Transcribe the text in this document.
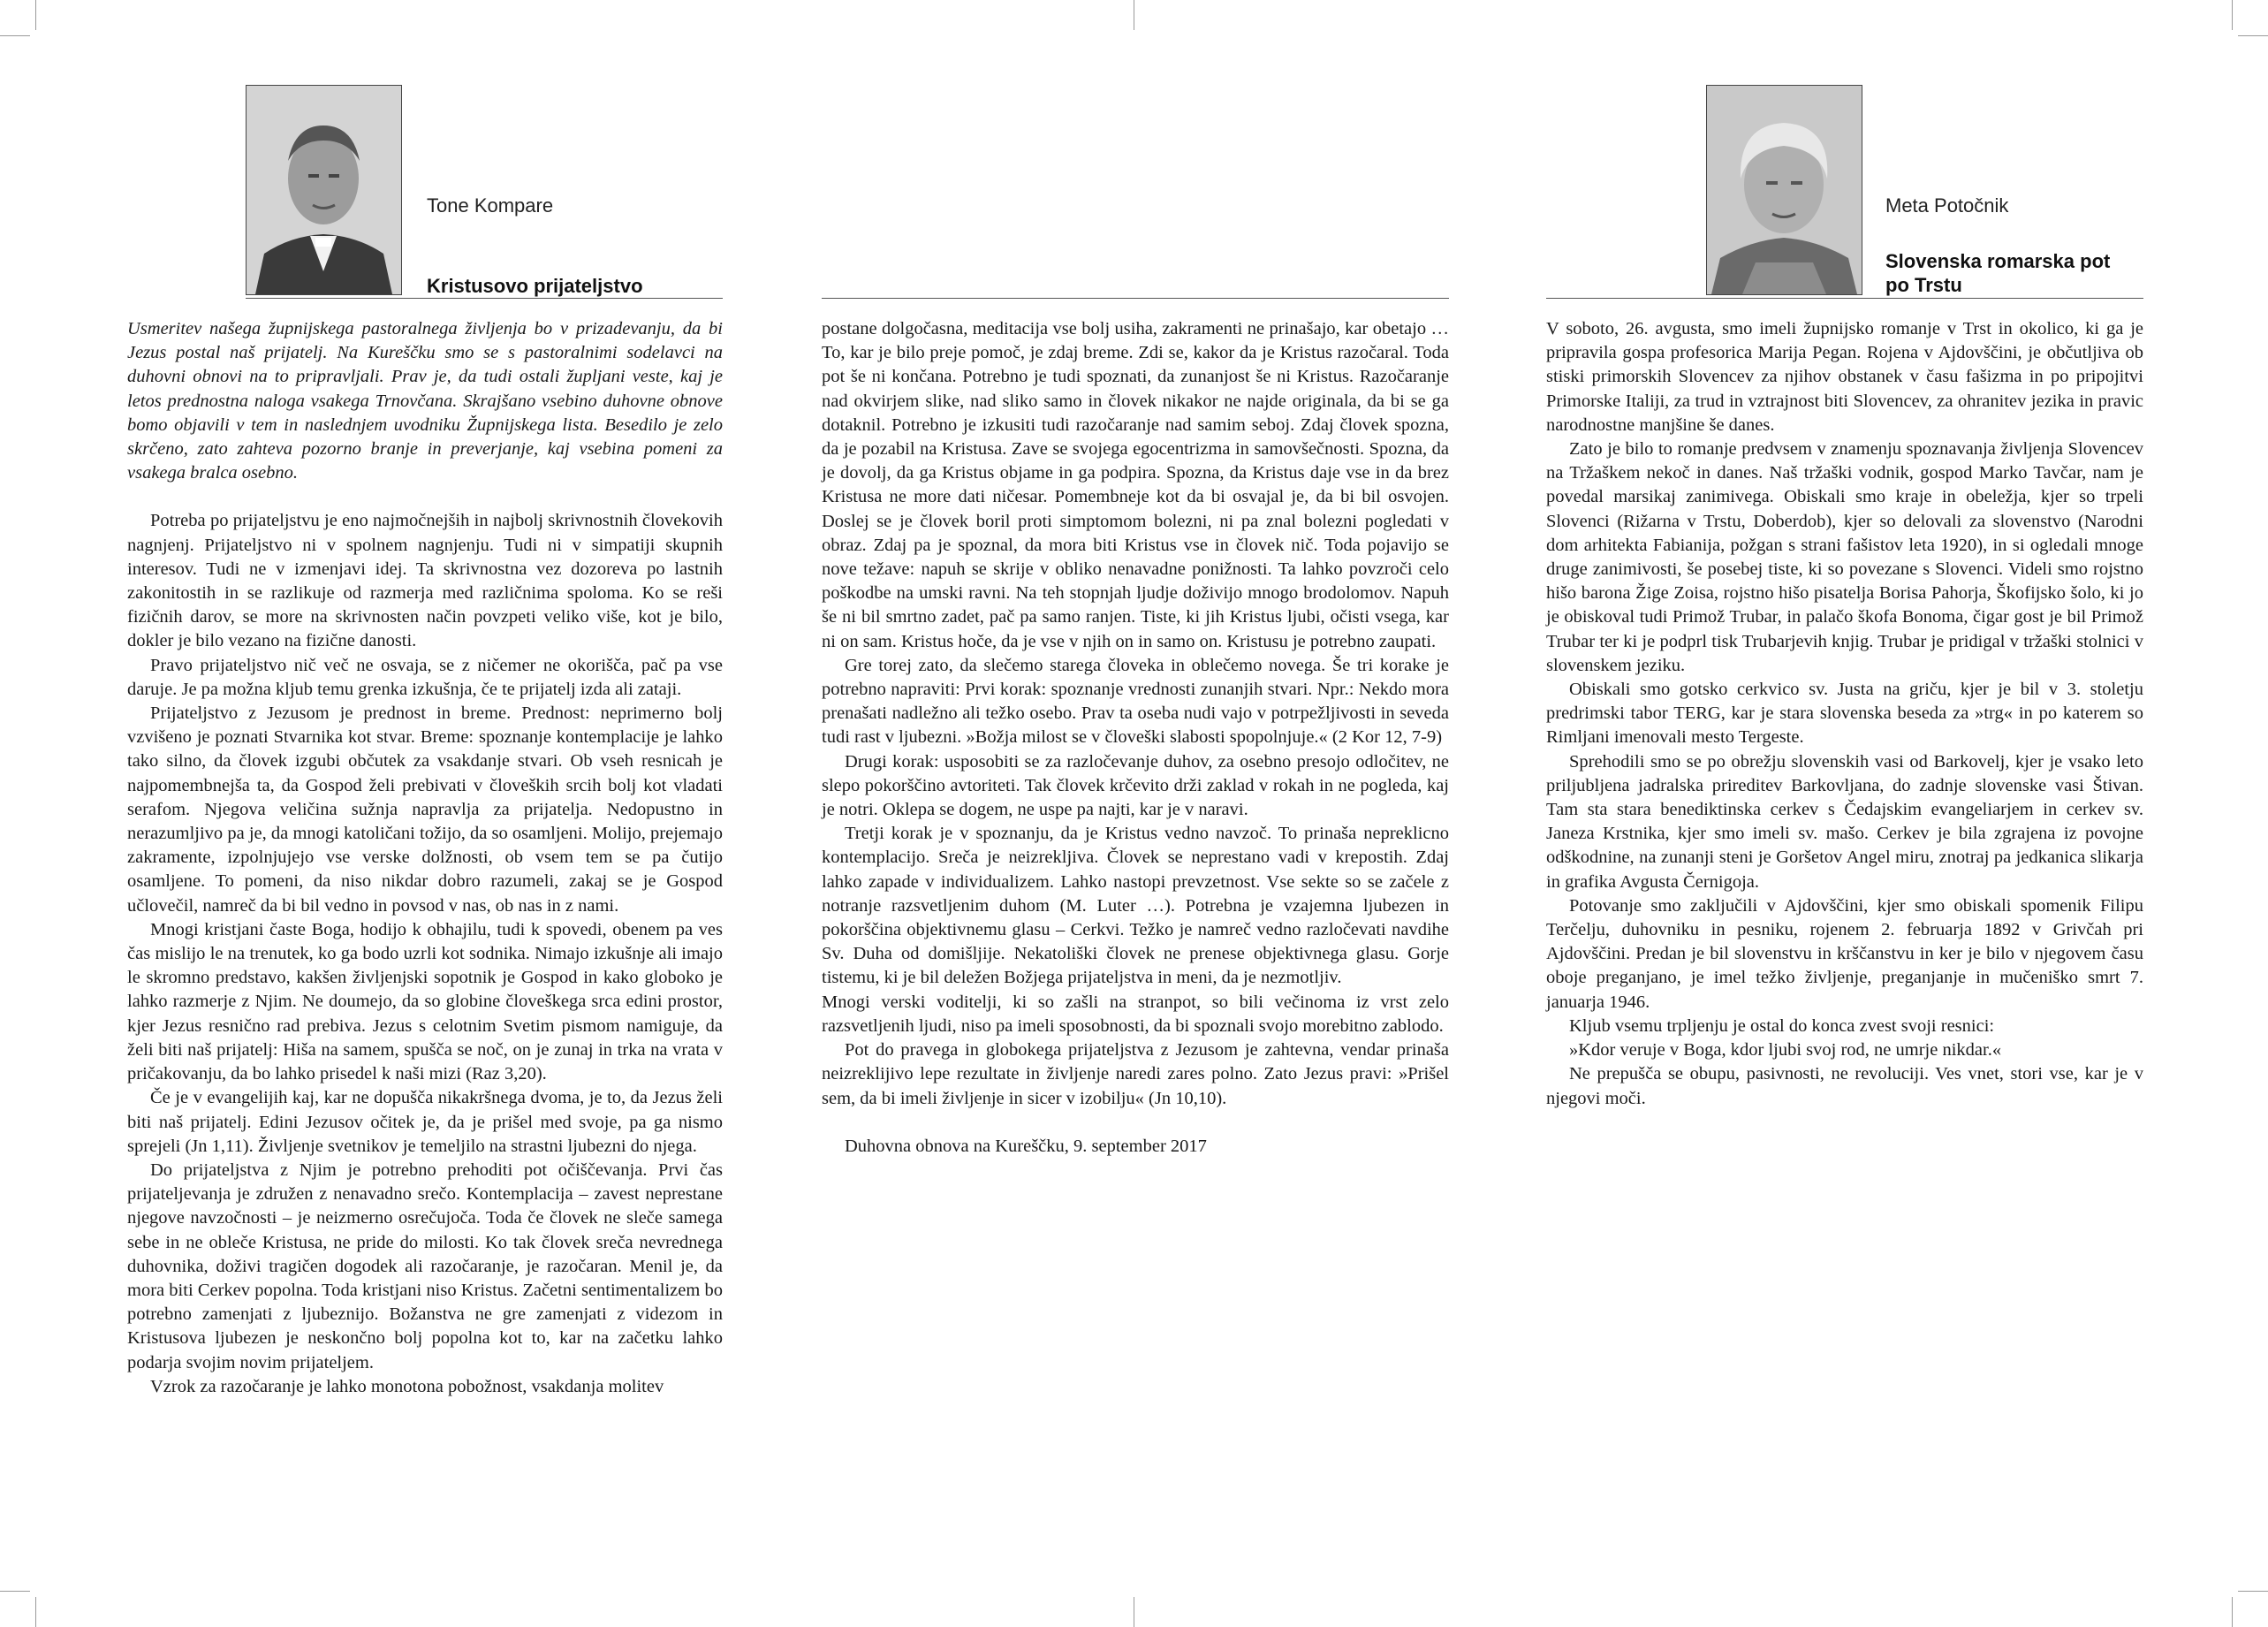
Tone Kompare
Kristusovo prijateljstvo

Usmeritev našega župnijskega pastoralnega življenja bo v prizadevanju, da bi Jezus postal naš prijatelj. Na Kureščku smo se s pastoralnimi sodelavci na duhovni obnovi na to pripravljali. Prav je, da tudi ostali župljani veste, kaj je letos prednostna naloga vsakega Trnovčana. Skrajšano vsebino duhovne obnove bomo objavili v tem in naslednjem uvodniku Župnijskega lista. Besedilo je zelo skrčeno, zato zahteva pozorno branje in preverjanje, kaj vsebina pomeni za vsakega bralca osebno.

Potreba po prijateljstvu je eno najmočnejših in najbolj skrivnostnih človekovih nagnjenj. Prijateljstvo ni v spolnem nagnjenju. Tudi ni v simpatiji skupnih interesov. Tudi ne v izmenjavi idej. Ta skrivnostna vez dozoreva po lastnih zakonitostih in se razlikuje od razmerja med različnima spoloma. Ko se reši fizičnih darov, se more na skrivnosten način povzpeti veliko više, kot je bilo, dokler je bilo vezano na fizične danosti.

Pravo prijateljstvo nič več ne osvaja, se z ničemer ne okorišča, pač pa vse daruje. Je pa možna kljub temu grenka izkušnja, če te prijatelj izda ali zataji.

Prijateljstvo z Jezusom je prednost in breme. Prednost: neprimerno bolj vzvišeno je poznati Stvarnika kot stvar. Breme: spoznanje kontemplacije je lahko tako silno, da človek izgubi občutek za vsakdanje stvari. Ob vseh resnicah je najpomembnejša ta, da Gospod želi prebivati v človeških srcih bolj kot vladati serafom. Njegova veličina sužnja napravlja za prijatelja. Nedopustno in nerazumljivo pa je, da mnogi katoličani tožijo, da so osamljeni. Molijo, prejemajo zakramente, izpolnjujejo vse verske dolžnosti, ob vsem tem se pa čutijo osamljene. To pomeni, da niso nikdar dobro razumeli, zakaj se je Gospod učlovečil, namreč da bi bil vedno in povsod v nas, ob nas in z nami.

Mnogi kristjani časte Boga, hodijo k obhajilu, tudi k spovedi, obenem pa ves čas mislijo le na trenutek, ko ga bodo uzrli kot sodnika. Nimajo izkušnje ali imajo le skromno predstavo, kakšen življenjski sopotnik je Gospod in kako globoko je lahko razmerje z Njim. Ne doumejo, da so globine človeškega srca edini prostor, kjer Jezus resnično rad prebiva. Jezus s celotnim Svetim pismom namiguje, da želi biti naš prijatelj: Hiša na samem, spušča se noč, on je zunaj in trka na vrata v pričakovanju, da bo lahko prisedel k naši mizi (Raz 3,20).

Če je v evangelijih kaj, kar ne dopušča nikakršnega dvoma, je to, da Jezus želi biti naš prijatelj. Edini Jezusov očitek je, da je prišel med svoje, pa ga nismo sprejeli (Jn 1,11). Življenje svetnikov je temeljilo na strastni ljubezni do njega.

Do prijateljstva z Njim je potrebno prehoditi pot očiščevanja. Prvi čas prijateljevanja je združen z nenavadno srečo. Kontemplacija – zavest neprestane njegove navzočnosti – je neizmerno osrečujoča. Toda če človek ne sleče samega sebe in ne obleče Kristusa, ne pride do milosti. Ko tak človek sreča nevrednega duhovnika, doživi tragičen dogodek ali razočaranje, je razočaran. Menil je, da mora biti Cerkev popolna. Toda kristjani niso Kristus. Začetni sentimentalizem bo potrebno zamenjati z ljubeznijo. Božanstva ne gre zamenjati z videzom in Kristusova ljubezen je neskončno bolj popolna kot to, kar na začetku lahko podarja svojim novim prijateljem.

Vzrok za razočaranje je lahko monotona pobožnost, vsakdanja molitev

postane dolgočasna, meditacija vse bolj usiha, zakramenti ne prinašajo, kar obetajo … To, kar je bilo preje pomoč, je zdaj breme. Zdi se, kakor da je Kristus razočaral. Toda pot še ni končana. Potrebno je tudi spoznati, da zunanjost še ni Kristus. Razočaranje nad okvirjem slike, nad sliko samo in človek nikakor ne najde originala, da bi se ga dotaknil. Potrebno je izkusiti tudi razočaranje nad samim seboj. Zdaj človek spozna, da je pozabil na Kristusa. Zave se svojega egocentrizma in samovšečnosti. Spozna, da je dovolj, da ga Kristus objame in ga podpira. Spozna, da Kristus daje vse in da brez Kristusa ne more dati ničesar. Pomembneje kot da bi osvajal je, da bi bil osvojen. Doslej se je človek boril proti simptomom bolezni, ni pa znal bolezni pogledati v obraz. Zdaj pa je spoznal, da mora biti Kristus vse in človek nič. Toda pojavijo se nove težave: napuh se skrije v obliko nenavadne ponižnosti. Ta lahko povzroči celo poškodbe na umski ravni. Na teh stopnjah ljudje doživijo mnogo brodolomov. Napuh še ni bil smrtno zadet, pač pa samo ranjen. Tiste, ki jih Kristus ljubi, očisti vsega, kar ni on sam. Kristus hoče, da je vse v njih on in samo on. Kristusu je potrebno zaupati.

Gre torej zato, da slečemo starega človeka in oblečemo novega. Še tri korake je potrebno napraviti: Prvi korak: spoznanje vrednosti zunanjih stvari. Npr.: Nekdo mora prenašati nadležno ali težko osebo. Prav ta oseba nudi vajo v potrpežljivosti in seveda tudi rast v ljubezni. »Božja milost se v človeški slabosti spopolnjuje.« (2 Kor 12, 7-9)

Drugi korak: usposobiti se za razločevanje duhov, za osebno presojo odločitev, ne slepo pokorščino avtoriteti. Tak človek krčevito drži zaklad v rokah in ne pogleda, kaj je notri. Oklepa se dogem, ne uspe pa najti, kar je v naravi.

Tretji korak je v spoznanju, da je Kristus vedno navzoč. To prinaša nepreklicno kontemplacijo. Sreča je neizrekljiva. Človek se neprestano vadi v krepostih. Zdaj lahko zapade v individualizem. Lahko nastopi prevzetnost. Vse sekte so se začele z notranje razsvetljenim duhom (M. Luter …). Potrebna je vzajemna ljubezen in pokorščina objektivnemu glasu – Cerkvi. Težko je namreč vedno razločevati navdihe Sv. Duha od domišljije. Nekatoliški človek ne prenese objektivnega glasu. Gorje tistemu, ki je bil deležen Božjega prijateljstva in meni, da je nezmotljiv.

Mnogi verski voditelji, ki so zašli na stranpot, so bili večinoma iz vrst zelo razsvetljenih ljudi, niso pa imeli sposobnosti, da bi spoznali svojo morebitno zablodo.

Pot do pravega in globokega prijateljstva z Jezusom je zahtevna, vendar prinaša neizreklijivo lepe rezultate in življenje naredi zares polno. Zato Jezus pravi: »Prišel sem, da bi imeli življenje in sicer v izobilju« (Jn 10,10).

Duhovna obnova na Kureščku, 9. september 2017

Meta Potočnik
Slovenska romarska pot
po Trstu

V soboto, 26. avgusta, smo imeli župnijsko romanje v Trst in okolico, ki ga je pripravila gospa profesorica Marija Pegan. Rojena v Ajdovščini, je občutljiva ob stiski primorskih Slovencev za njihov obstanek v času fašizma in po pripojitvi Primorske Italiji, za trud in vztrajnost biti Slovencev, za ohranitev jezika in pravic narodnostne manjšine še danes.

Zato je bilo to romanje predvsem v znamenju spoznavanja življenja Slovencev na Tržaškem nekoč in danes. Naš tržaški vodnik, gospod Marko Tavčar, nam je povedal marsikaj zanimivega. Obiskali smo kraje in obeležja, kjer so trpeli Slovenci (Rižarna v Trstu, Doberdob), kjer so delovali za slovenstvo (Narodni dom arhitekta Fabianija, požgan s strani fašistov leta 1920), in si ogledali mnoge druge zanimivosti, še posebej tiste, ki so povezane s Slovenci. Videli smo rojstno hišo barona Žige Zoisa, rojstno hišo pisatelja Borisa Pahorja, Škofijsko šolo, ki jo je obiskoval tudi Primož Trubar, in palačo škofa Bonoma, čigar gost je bil Primož Trubar ter ki je podprl tisk Trubarjevih knjig. Trubar je pridigal v tržaški stolnici v slovenskem jeziku.

Obiskali smo gotsko cerkvico sv. Justa na griču, kjer je bil v 3. stoletju predrimski tabor TERG, kar je stara slovenska beseda za »trg« in po katerem so Rimljani imenovali mesto Tergeste.

Sprehodili smo se po obrežju slovenskih vasi od Barkovelj, kjer je vsako leto priljubljena jadralska prireditev Barkovljana, do zadnje slovenske vasi Štivan. Tam sta stara benediktinska cerkev s Čedajskim evangeliarjem in cerkev sv. Janeza Krstnika, kjer smo imeli sv. mašo. Cerkev je bila zgrajena iz povojne odškodnine, na zunanji steni je Goršetov Angel miru, znotraj pa jedkanica slikarja in grafika Avgusta Černigoja.

Potovanje smo zaključili v Ajdovščini, kjer smo obiskali spomenik Filipu Terčelju, duhovniku in pesniku, rojenem 2. februarja 1892 v Grivčah pri Ajdovščini. Predan je bil slovenstvu in krščanstvu in ker je bilo v njegovem času oboje preganjano, je imel težko življenje, preganjanje in mučeniško smrt 7. januarja 1946.

Kljub vsemu trpljenju je ostal do konca zvest svoji resnici:

»Kdor veruje v Boga, kdor ljubi svoj rod, ne umrje nikdar.«

Ne prepušča se obupu, pasivnosti, ne revoluciji. Ves vnet, stori vse, kar je v njegovi moči.
